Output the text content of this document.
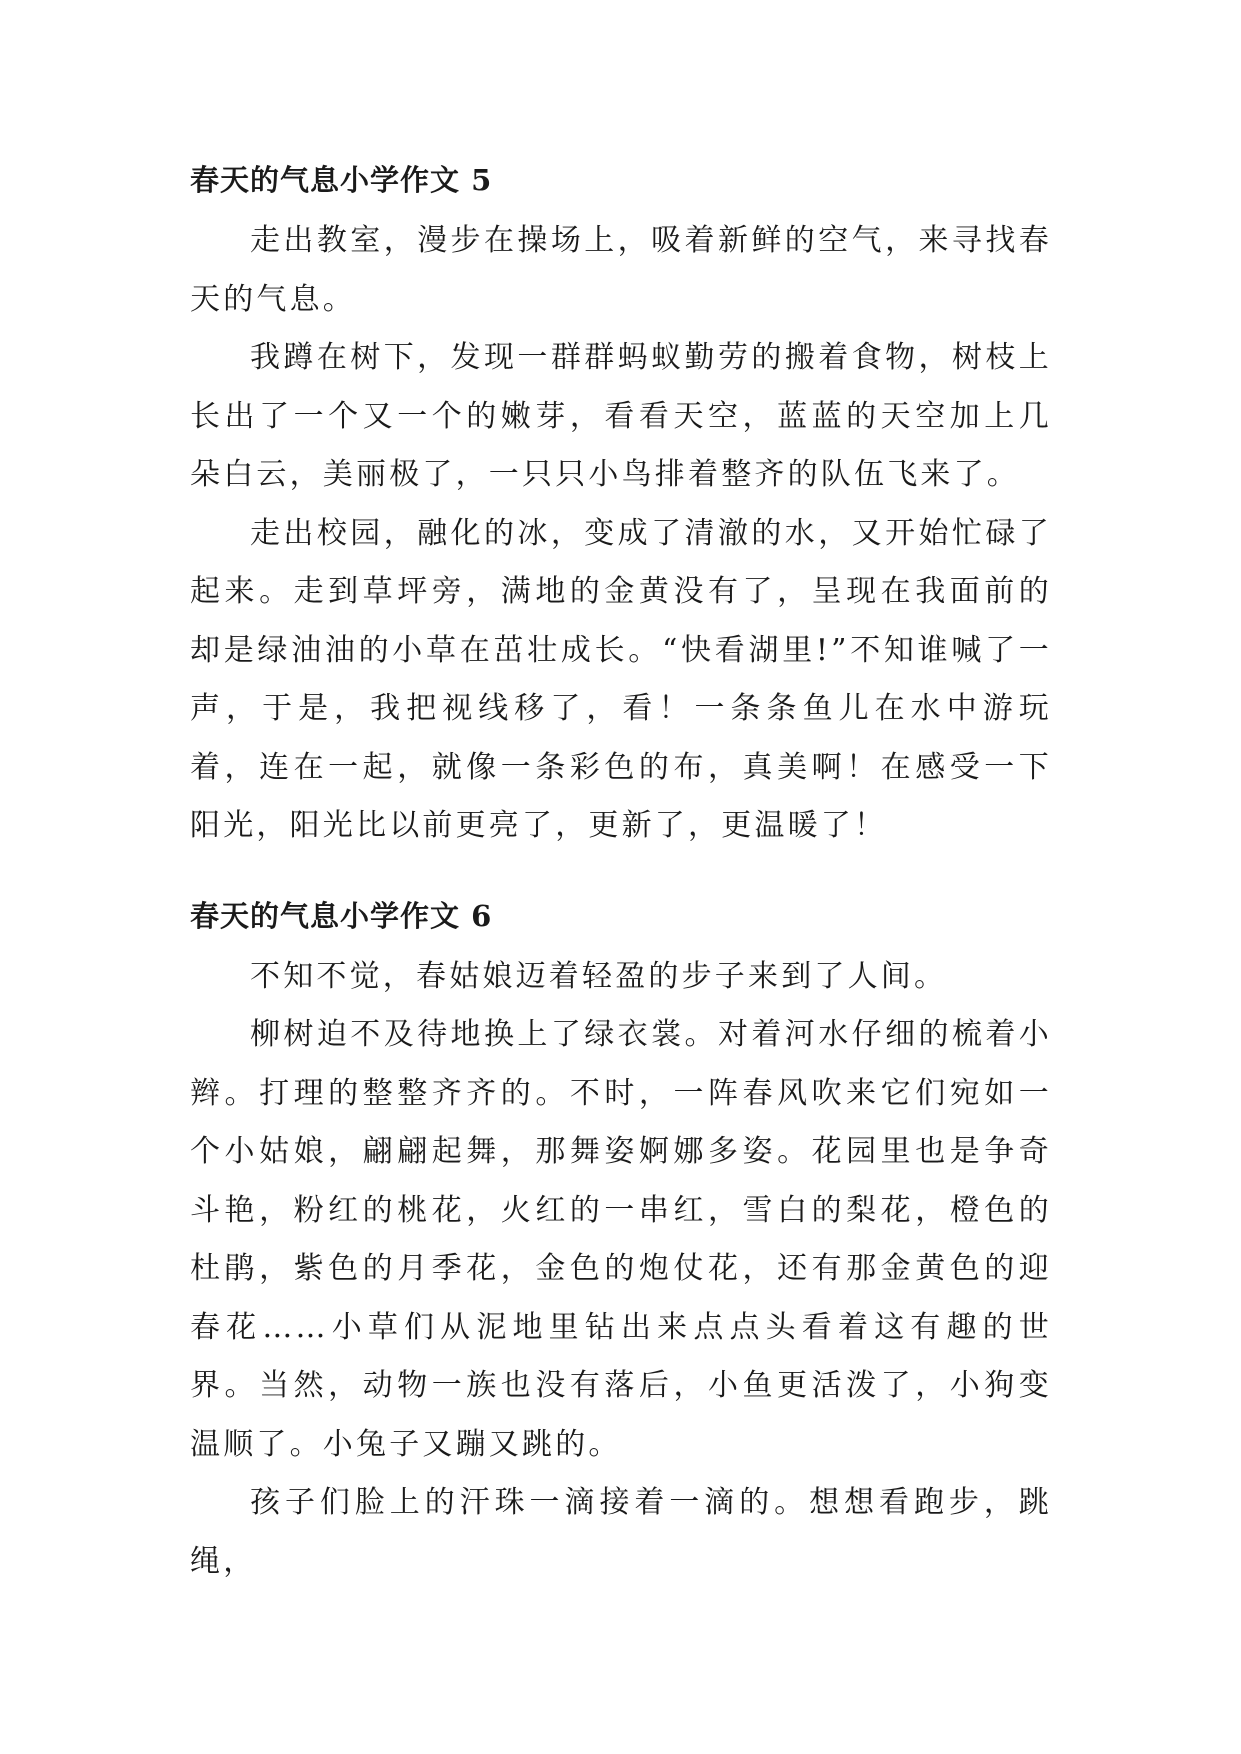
春天的气息小学作文 5

走出教室，漫步在操场上，吸着新鲜的空气，来寻找春天的气息。

我蹲在树下，发现一群群蚂蚁勤劳的搬着食物，树枝上长出了一个又一个的嫩芽，看看天空，蓝蓝的天空加上几朵白云，美丽极了，一只只小鸟排着整齐的队伍飞来了。

走出校园，融化的冰，变成了清澈的水，又开始忙碌了起来。走到草坪旁，满地的金黄没有了，呈现在我面前的却是绿油油的小草在茁壮成长。“快看湖里!”不知谁喊了一声，于是，我把视线移了，看！一条条鱼儿在水中游玩着，连在一起，就像一条彩色的布，真美啊！在感受一下阳光，阳光比以前更亮了，更新了，更温暖了！

春天的气息小学作文 6

不知不觉，春姑娘迈着轻盈的步子来到了人间。

柳树迫不及待地换上了绿衣裳。对着河水仔细的梳着小辫。打理的整整齐齐的。不时，一阵春风吹来它们宛如一个小姑娘，翩翩起舞，那舞姿婀娜多姿。花园里也是争奇斗艳，粉红的桃花，火红的一串红，雪白的梨花，橙色的杜鹃，紫色的月季花，金色的炮仗花，还有那金黄色的迎春花……小草们从泥地里钻出来点点头看着这有趣的世界。当然，动物一族也没有落后，小鱼更活泼了，小狗变温顺了。小兔子又蹦又跳的。

孩子们脸上的汗珠一滴接着一滴的。想想看跑步，跳绳，
